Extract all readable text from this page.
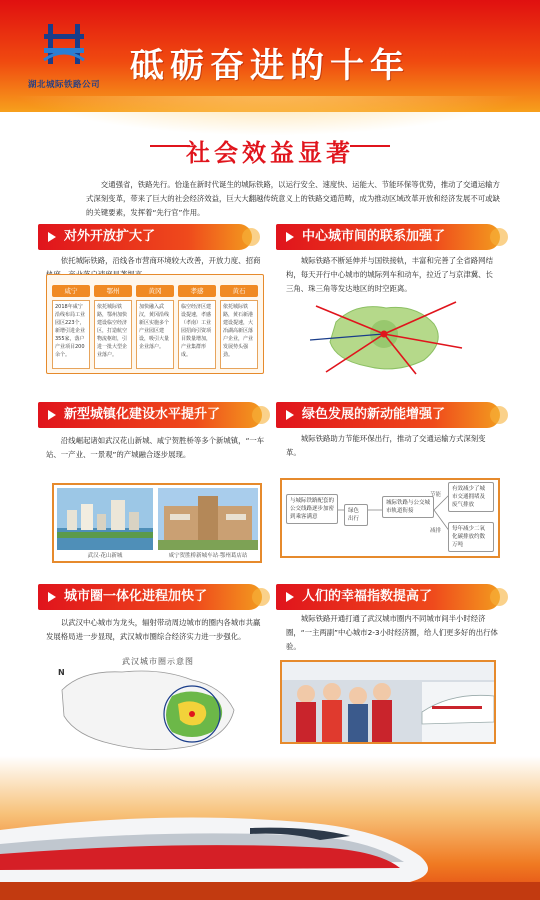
湖北城际铁路公司 砥砺奋进的十年
社会效益显著
交通强省，铁路先行。恰逢在新时代诞生的城际铁路，以运行安全、速度快、运能大、节能环保等优势，推动了交通运输方式深刻变革，带来了巨大的社会经济效益，巨大大翻越传统意义上的铁路交通范畴，成为推动区域改革开放和经济发展不可或缺的关键要素，发挥着“先行官”作用。
对外开放扩大了
依托城际铁路，沿线各市营商环境较大改善，开放力度、招商
咸宁
2018年咸宁沿线布局工业园区223个，新增引进企业355家，落户产业项目200余个。
鄂州
依托城际铁路，鄂州加快建设临空经济区，打造航空物流枢纽，引进一批大型企业落户。
黄冈
加快融入武汉，黄冈沿线新区实施多个产业园区建设，吸引大量企业落户。
孝感
临空经济区建设提速，孝感（孝南）工业园招商引资项目数量增加，产业集群形成。
黄石
依托城际铁路，黄石新港建设提速，大冶湖高新区落户企业，产业发展势头强劲。
中心城市间的联系加强了
城际铁路不断延伸并与国铁接轨，丰富和完善了全省路网结构，每天开行中心城市的城际列车和动车，拉近了与京津冀、长三角、珠三角等发达地区的时空距离。
新型城镇化建设水平提升了
沿线崛起诸如武汉花山新城、咸宁贺胜桥等多个新城镇，“一车站、一产业、一景观”的产城融合逐步展现。
武汉·花山新城	咸宁贺胜桥新城车站·鄂州葛店站
绿色发展的新动能增强了
城际铁路助力节能环保出行，推动了交通运输方式深刻变革。
与城际铁路配套的公交线路逐步加密到乘客满意
绿色出行
城际铁路与公交城市轨道衔接
节能
减排
有效减少了城市交通拥堵及废气排放
每年减少二氧化碳排放约数万吨
城市圈一体化进程加快了
以武汉中心城市为龙头，辐射带动周边城市的圈内各城市共赢发展格局进一步显现，武汉城市圈综合经济实力进一步强化。
武汉城市圈示意图
N
人们的幸福指数提高了
城际铁路开通打通了武汉城市圈内不同城市间半小时经济圈，“一主两副”中心城市2-3小时经济圈，给人们更多好的出行体验。
